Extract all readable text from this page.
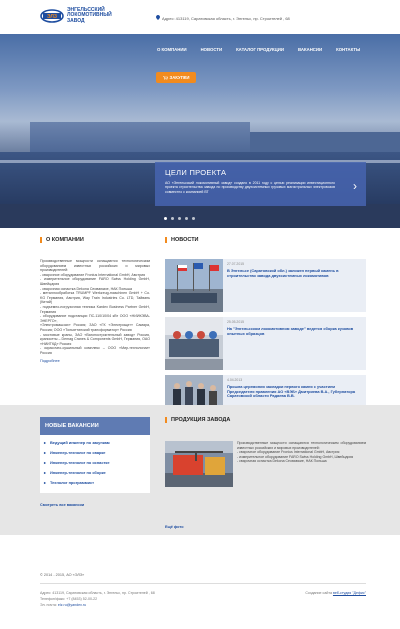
ЭЛЗ
ЭНГЕЛЬССКИЙ ЛОКОМОТИВНЫЙ ЗАВОД	Адрес: 413119, Саратовская область, г. Энгельс, пр. Строителей , 68
О КОМПАНИИ	НОВОСТИ	КАТАЛОГ ПРОДУКЦИИ	ВАКАНСИИ	КОНТАКТЫ
ЗАКУПКИ
ЦЕЛИ ПРОЕКТА
АО «Энгельсский локомотивный завод» создано в 2011 году с целью реализации инвестиционного проекта строительства завода по производству двухсистемных грузовых магистральных электровозов совместно с компанией ВТ	›
О КОМПАНИИ
Производственные мощности оснащаются технологическим оборудованием известных российских и мировых производителей:
- сварочное оборудование Fronius International GmbH, Австрия
- измерительное оборудование FARO Swiss Holding GmbH, Швейцария
- сварочная оснастка Dekona Сеоваюкие, НАК Польша
- металлообработка TRUMPF Werkzeug-maschinen GmbH + Co. KG Германия, Австрия, Way Train Industries Co. LTD, Тайвань (Китай)
- подъемно-погрузочная техника Kardex Business Partner GmbH, Германия
- оборудование подстанции ПС-110/10/04 кВт ООО «НИИКЭВА-ЭНЕРГО»,
«Электромашзах» Россия; ЗАО «ГК «Электрощит» Самара, Россия; ООО «Тольяттинский трансформатор» Россия
- мостовые краны, ЗАО «Вагоностроительный завод» Россия, краносеты – Demag Cranes & Components GmbH, Германия, ОАО «НИИТКД» Россия
- окрасочно-сушильный комплекс – ООО «Мир-технологии» Россия
Подробнее
НОВОСТИ
27.07.2015
В Энгельсе (Саратовской обл.) заложен первый камень в строительство завода двухсистемных локомотивов
25.05.2015
На "Энгельсском локомотивном заводе" ведется сборка кузовов опытных образцов
4.04.2013
Прошла церемония закладки первого камня с участием Председателя правления АО «ВЭБ» Дмитриева В.А., Губернатора Саратовской области Радаева В.В.
НОВЫЕ ВАКАНСИИ
▸ Ведущий инженер по закупкам
▸ Инженер-технолог по сварке
▸ Инженер-технолог по оснастке
▸ Инженер-технолог по сборке
▸ Технолог программист
Смотреть все вакансии
ПРОДУКЦИЯ ЗАВОДА
Производственные мощности оснащаются технологическим оборудованием известных российских и мировых производителей:
- сварочное оборудование Fronius International GmbH, Австрия
- измерительное оборудование FARO Swiss Holding GmbH, Швейцария
- сварочная оснастка Dekona Сеоваюкие, НАК Польша
Ещё фото
© 2014 - 2015, АО «ЭЛЗ»
Адрес: 413119, Саратовская область, г. Энгельс, пр. Строителей , 68
Телефон/факс: +7 (8453) 52-00-22
Эл. почта: elz.ru@yandex.ru
Создание сайта веб-студия "Дефис"
